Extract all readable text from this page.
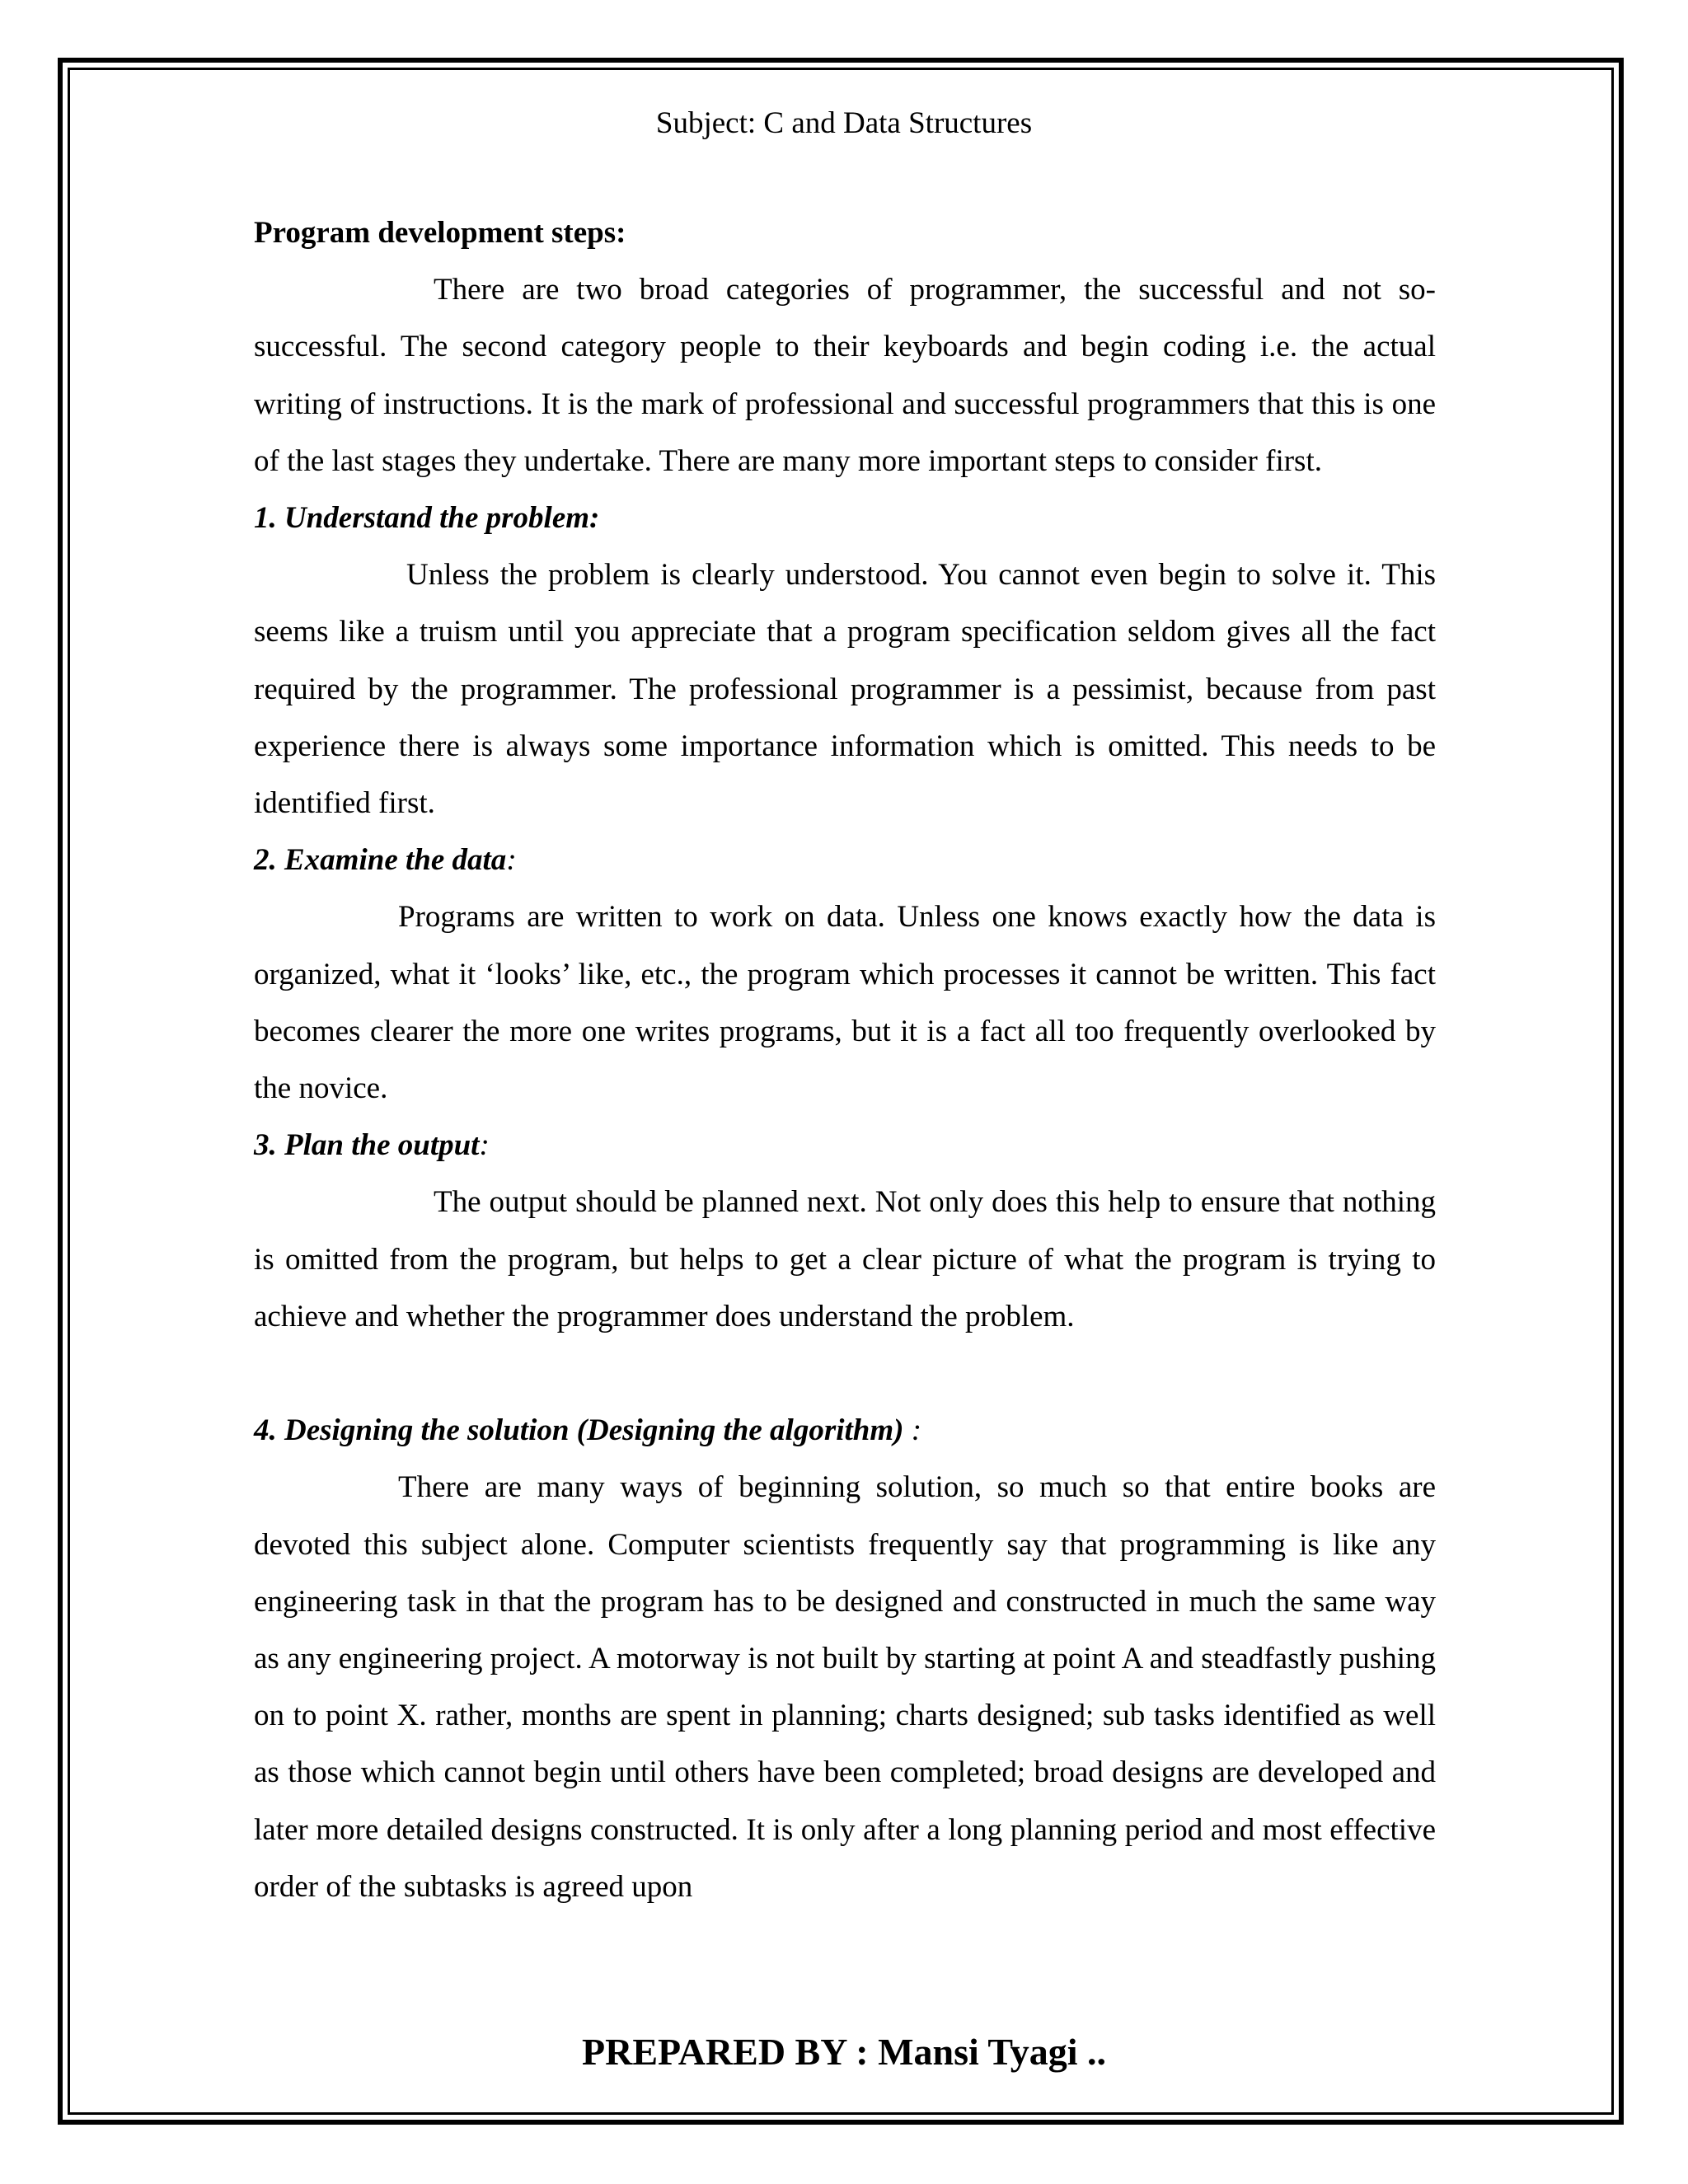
Subject: C and Data Structures

Program development steps:

There are two broad categories of programmer, the successful and not so-successful. The second category people to their keyboards and begin coding i.e. the actual writing of instructions. It is the mark of professional and successful programmers that this is one of the last stages they undertake. There are many more important steps to consider first.

1. Understand the problem:

Unless the problem is clearly understood. You cannot even begin to solve it. This seems like a truism until you appreciate that a program specification seldom gives all the fact required by the programmer. The professional programmer is a pessimist, because from past experience there is always some importance information which is omitted. This needs to be identified first.

2. Examine the data:

Programs are written to work on data. Unless one knows exactly how the data is organized, what it ‘looks’ like, etc., the program which processes it cannot be written. This fact becomes clearer the more one writes programs, but it is a fact all too frequently overlooked by the novice.

3. Plan the output:

The output should be planned next. Not only does this help to ensure that nothing is omitted from the program, but helps to get a clear picture of what the program is trying to achieve and whether the programmer does understand the problem.

4. Designing the solution (Designing the algorithm) :

There are many ways of beginning solution, so much so that entire books are devoted this subject alone. Computer scientists frequently say that programming is like any engineering task in that the program has to be designed and constructed in much the same way as any engineering project. A motorway is not built by starting at point A and steadfastly pushing on to point X. rather, months are spent in planning; charts designed; sub tasks identified as well as those which cannot begin until others have been completed; broad designs are developed and later more detailed designs constructed. It is only after a long planning period and most effective order of the subtasks is agreed upon

PREPARED BY : Mansi Tyagi ..
